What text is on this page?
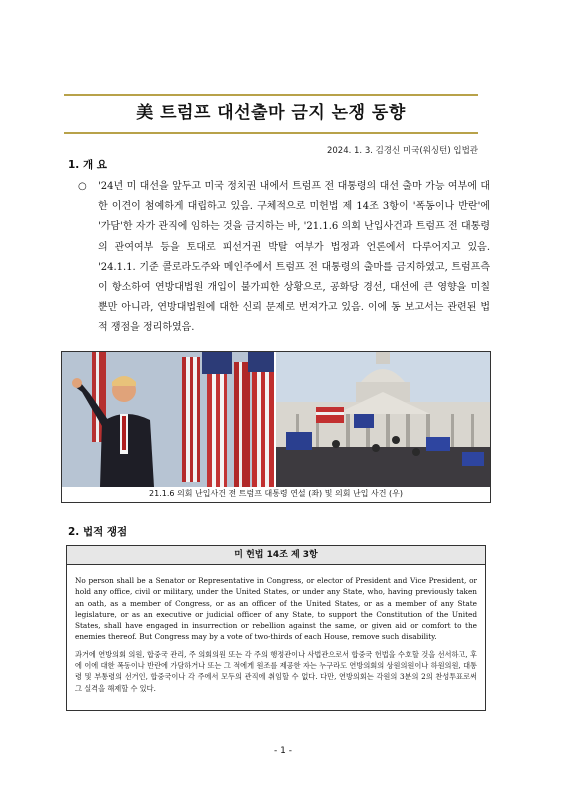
美 트럼프 대선출마 금지 논쟁 동향
2024. 1. 3. 김경신 미국(워싱턴) 입법관
1. 개 요
○ '24년 미 대선을 앞두고 미국 정치권 내에서 트럼프 전 대통령의 대선 출마 가능 여부에 대한 이견이 첨예하게 대립하고 있음. 구체적으로 미헌법 제 14조 3항이 '폭동이나 반란'에 '가담'한 자가 관직에 임하는 것을 금지하는 바, '21.1.6 의회 난입사건과 트럼프 전 대통령의 관여여부 등을 토대로 피선거권 박탈 여부가 법정과 언론에서 다루어지고 있음. '24.1.1. 기준 콜로라도주와 메인주에서 트럼프 전 대통령의 출마를 금지하였고, 트럼프측이 항소하여 연방대법원 개입이 불가피한 상황으로, 공화당 경선, 대선에 큰 영향을 미칠 뿐만 아니라, 연방대법원에 대한 신뢰 문제로 번져가고 있음. 이에 동 보고서는 관련된 법적 쟁점을 정리하였음.
21.1.6 의회 난입사건 전 트럼프 대통령 연설 (좌) 및 의회 난입 사건 (우)
2. 법적 쟁점
미 헌법 14조 제 3항
No person shall be a Senator or Representative in Congress, or elector of President and Vice President, or hold any office, civil or military, under the United States, or under any State, who, having previously taken an oath, as a member of Congress, or as an officer of the United States, or as a member of any State legislature, or as an executive or judicial officer of any State, to support the Constitution of the United States, shall have engaged in insurrection or rebellion against the same, or given aid or comfort to the enemies thereof. But Congress may by a vote of two-thirds of each House, remove such disability.
과거에 연방의회 의원, 합중국 관리, 주 의회의원 또는 각 주의 행정관이나 사법관으로서 합중국 헌법을 수호할 것을 선서하고, 후에 이에 대한 폭동이나 반란에 가담하거나 또는 그 적에게 원조를 제공한 자는 누구라도 연방의회의 상원의원이나 하원의원, 대통령 및 부통령의 선거인, 합중국이나 각 주에서 모두의 관직에 취임할 수 없다. 다만, 연방의회는 각원의 3분의 2의 찬성투표로써 그 실격을 해제할 수 있다.
- 1 -
